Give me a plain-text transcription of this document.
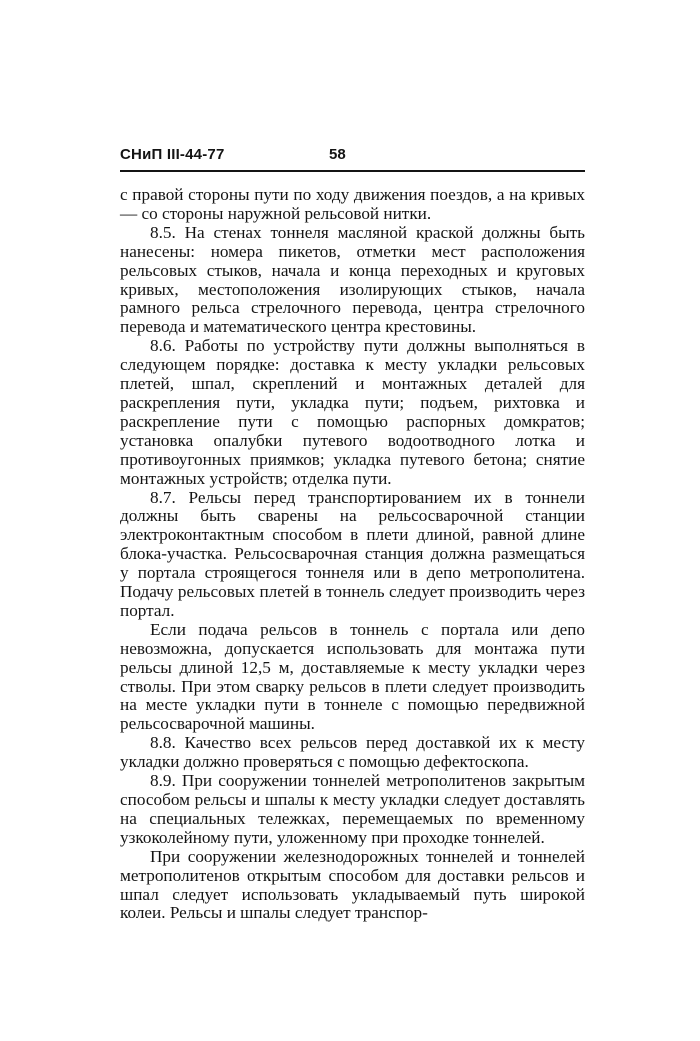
СНиП III-44-77	58

с правой стороны пути по ходу движения поездов, а на кривых — со стороны наружной рельсовой нитки.

8.5. На стенах тоннеля масляной краской должны быть нанесены: номера пикетов, отметки мест расположения рельсовых стыков, начала и конца переходных и круговых кривых, местоположения изолирующих стыков, начала рамного рельса стрелочного перевода, центра стрелочного перевода и математического центра крестовины.

8.6. Работы по устройству пути должны выполняться в следующем порядке: доставка к месту укладки рельсовых плетей, шпал, скреплений и монтажных деталей для раскрепления пути, укладка пути; подъем, рихтовка и раскрепление пути с помощью распорных домкратов; установка опалубки путевого водоотводного лотка и противоугонных приямков; укладка путевого бетона; снятие монтажных устройств; отделка пути.

8.7. Рельсы перед транспортированием их в тоннели должны быть сварены на рельсосварочной станции электроконтактным способом в плети длиной, равной длине блока-участка. Рельсосварочная станция должна размещаться у портала строящегося тоннеля или в депо метрополитена. Подачу рельсовых плетей в тоннель следует производить через портал.

Если подача рельсов в тоннель с портала или депо невозможна, допускается использовать для монтажа пути рельсы длиной 12,5 м, доставляемые к месту укладки через стволы. При этом сварку рельсов в плети следует производить на месте укладки пути в тоннеле с помощью передвижной рельсосварочной машины.

8.8. Качество всех рельсов перед доставкой их к месту укладки должно проверяться с помощью дефектоскопа.

8.9. При сооружении тоннелей метрополитенов закрытым способом рельсы и шпалы к месту укладки следует доставлять на специальных тележках, перемещаемых по временному узкоколейному пути, уложенному при проходке тоннелей.

При сооружении железнодорожных тоннелей и тоннелей метрополитенов открытым способом для доставки рельсов и шпал следует использовать укладываемый путь широкой колеи. Рельсы и шпалы следует транспор-
